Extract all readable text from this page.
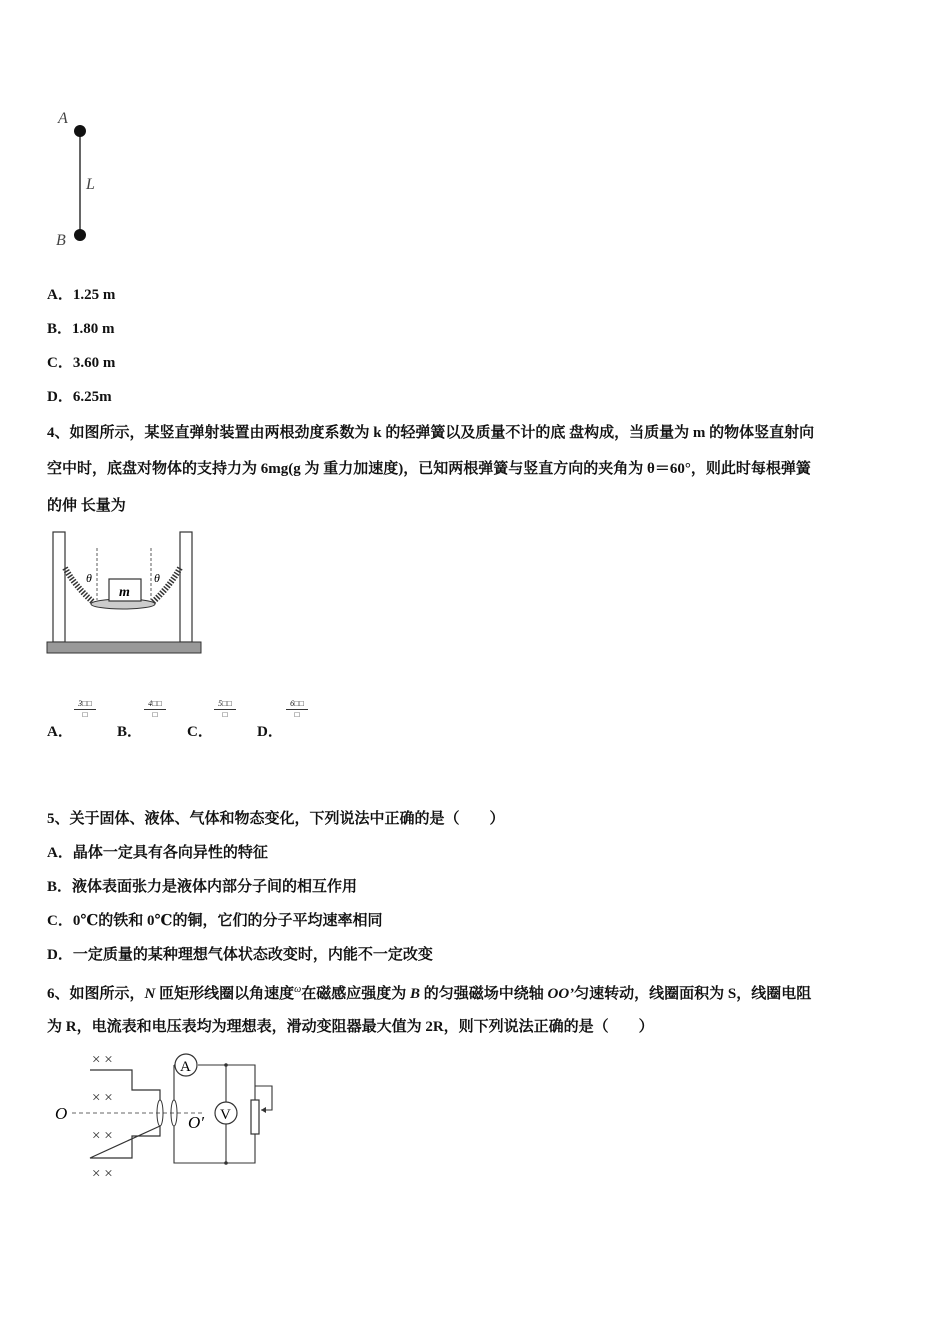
A
L
B
A．1.25 m
B．1.80 m
C．3.60 m
D．6.25m
4、如图所示，某竖直弹射装置由两根劲度系数为 k 的轻弹簧以及质量不计的底 盘构成，当质量为 m 的物体竖直射向
空中时，底盘对物体的支持力为 6mg(g 为 重力加速度)，已知两根弹簧与竖直方向的夹角为 θ＝60°，则此时每根弹簧
的伸 长量为
m
θ	θ
A．
3□□
□
B．
4□□
□
C．
5□□
□
D．
6□□
□
5、关于固体、液体、气体和物态变化，下列说法中正确的是（　　）
A．晶体一定具有各向异性的特征
B．液体表面张力是液体内部分子间的相互作用
C．0℃的铁和 0℃的铜，它们的分子平均速率相同
D．一定质量的某种理想气体状态改变时，内能不一定改变
6、如图所示，N 匝矩形线圈以角速度$^\omega$在磁感应强度为 B 的匀强磁场中绕轴 OO’匀速转动，线圈面积为 S，线圈电阻
为 R，电流表和电压表均为理想表，滑动变阻器最大值为 2R，则下列说法正确的是（　　）
× ×
× ×
× ×
× ×
O
A
V
O′
